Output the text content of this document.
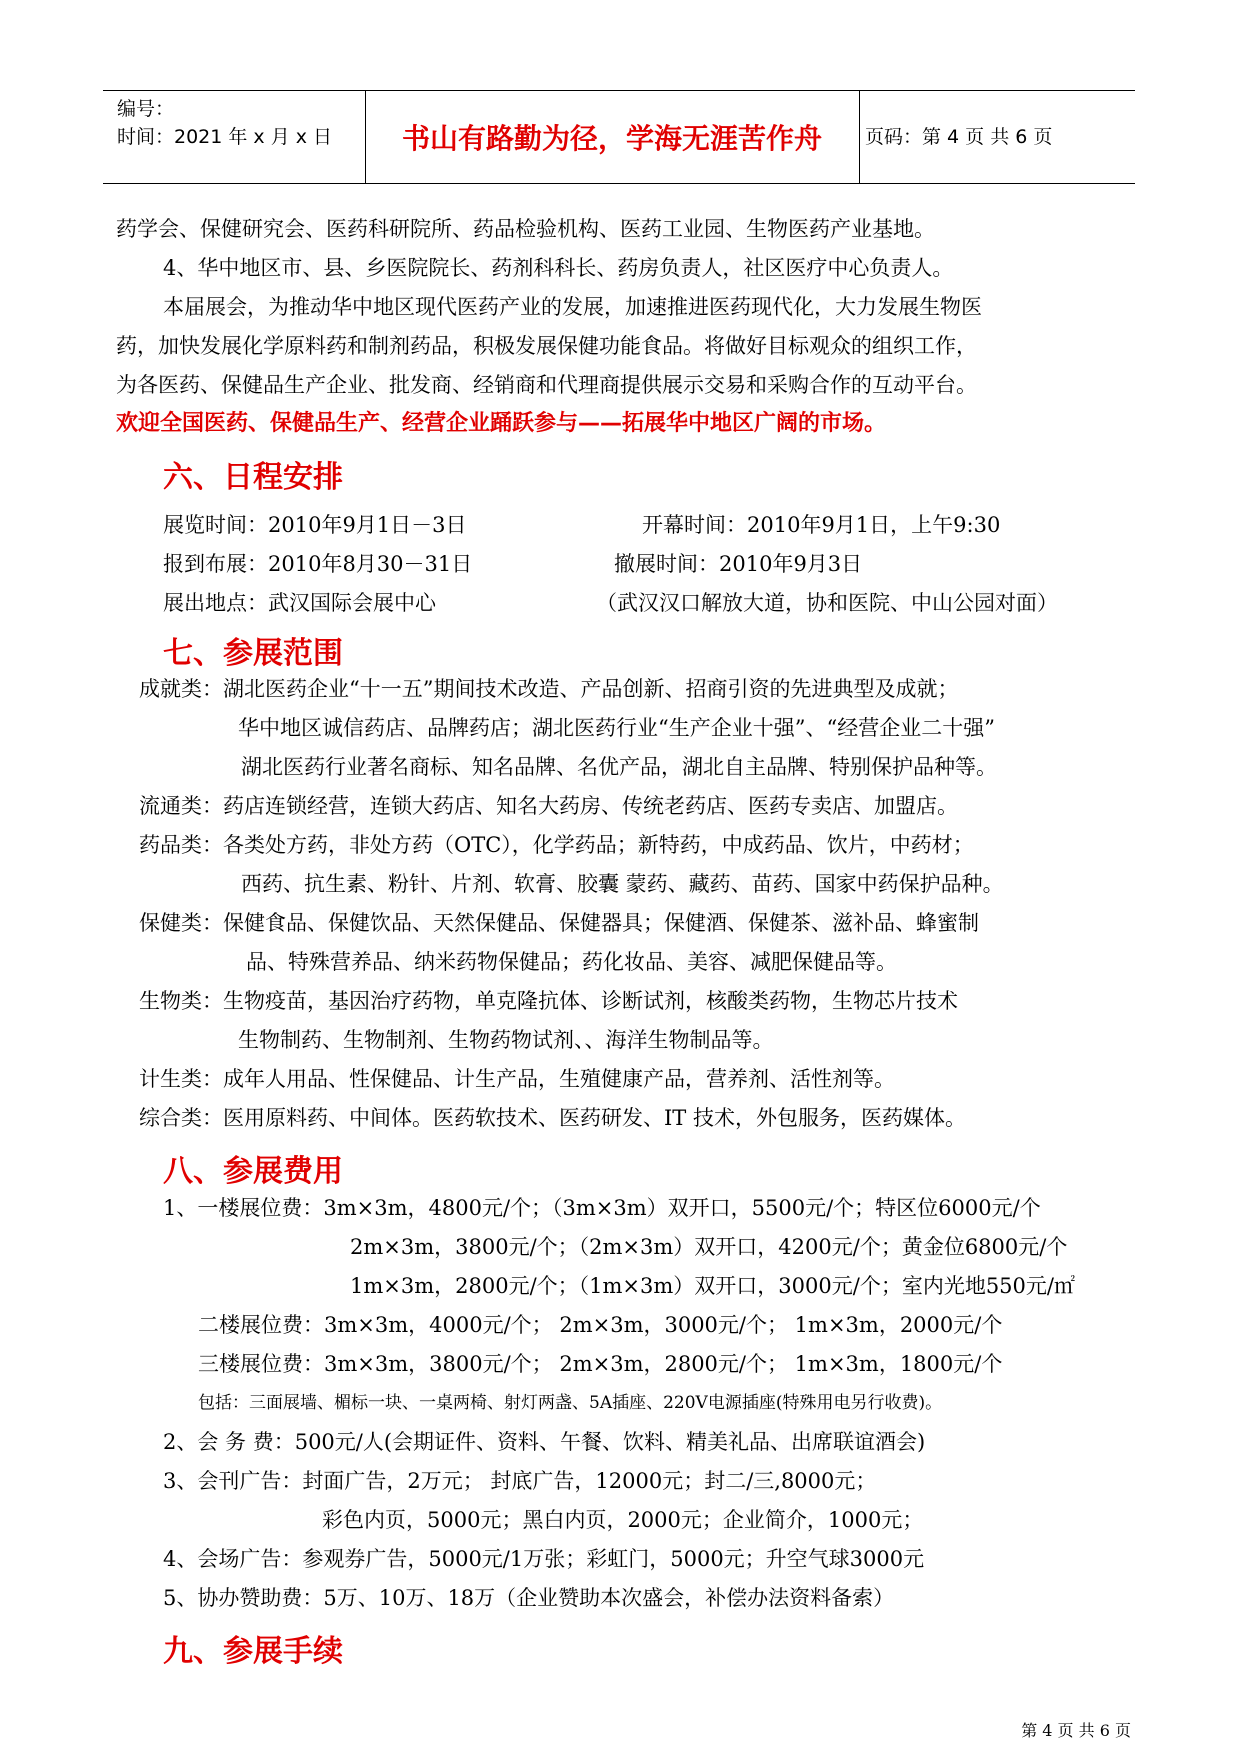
编号：
时间：2021 年 x 月 x 日	书山有路勤为径，学海无涯苦作舟	页码：第 4 页 共 6 页
药学会、保健研究会、医药科研院所、药品检验机构、医药工业园、生物医药产业基地。
4、华中地区市、县、乡医院院长、药剂科科长、药房负责人，社区医疗中心负责人。
本届展会，为推动华中地区现代医药产业的发展，加速推进医药现代化，大力发展生物医
药，加快发展化学原料药和制剂药品，积极发展保健功能食品。将做好目标观众的组织工作，
为各医药、保健品生产企业、批发商、经销商和代理商提供展示交易和采购合作的互动平台。
欢迎全国医药、保健品生产、经营企业踊跃参与——拓展华中地区广阔的市场。
六、日程安排
展览时间：2010年9月1日－3日	开幕时间：2010年9月1日，上午9:30
报到布展：2010年8月30－31日	撤展时间：2010年9月3日
展出地点：武汉国际会展中心	（武汉汉口解放大道，协和医院、中山公园对面）
七、参展范围
成就类：湖北医药企业“十一五”期间技术改造、产品创新、招商引资的先进典型及成就；
华中地区诚信药店、品牌药店；湖北医药行业“生产企业十强”、“经营企业二十强”
湖北医药行业著名商标、知名品牌、名优产品，湖北自主品牌、特别保护品种等。
流通类：药店连锁经营，连锁大药店、知名大药房、传统老药店、医药专卖店、加盟店。
药品类：各类处方药，非处方药（OTC），化学药品；新特药，中成药品、饮片，中药材；
西药、抗生素、粉针、片剂、软膏、胶囊 蒙药、藏药、苗药、国家中药保护品种。
保健类：保健食品、保健饮品、天然保健品、保健器具；保健酒、保健茶、滋补品、蜂蜜制
品、特殊营养品、纳米药物保健品；药化妆品、美容、减肥保健品等。
生物类：生物疫苗，基因治疗药物，单克隆抗体、诊断试剂，核酸类药物，生物芯片技术
生物制药、生物制剂、生物药物试剂、、海洋生物制品等。
计生类：成年人用品、性保健品、计生产品，生殖健康产品，营养剂、活性剂等。
综合类：医用原料药、中间体。医药软技术、医药研发、IT 技术，外包服务，医药媒体。
八、参展费用
1、一楼展位费：3m×3m，4800元/个；（3m×3m）双开口，5500元/个；特区位6000元/个
2m×3m，3800元/个；（2m×3m）双开口，4200元/个；黄金位6800元/个
1m×3m，2800元/个；（1m×3m）双开口，3000元/个；室内光地550元/㎡
二楼展位费：3m×3m，4000元/个； 2m×3m，3000元/个； 1m×3m，2000元/个
三楼展位费：3m×3m，3800元/个； 2m×3m，2800元/个； 1m×3m，1800元/个
包括：三面展墙、楣标一块、一桌两椅、射灯两盏、5A插座、220V电源插座(特殊用电另行收费)。
2、会 务 费：500元/人(会期证件、资料、午餐、饮料、精美礼品、出席联谊酒会)
3、会刊广告：封面广告，2万元； 封底广告，12000元；封二/三,8000元；
彩色内页，5000元；黑白内页，2000元；企业简介，1000元；
4、会场广告：参观券广告，5000元/1万张；彩虹门，5000元；升空气球3000元
5、协办赞助费：5万、10万、18万（企业赞助本次盛会，补偿办法资料备索）
九、参展手续
第 4 页 共 6 页
